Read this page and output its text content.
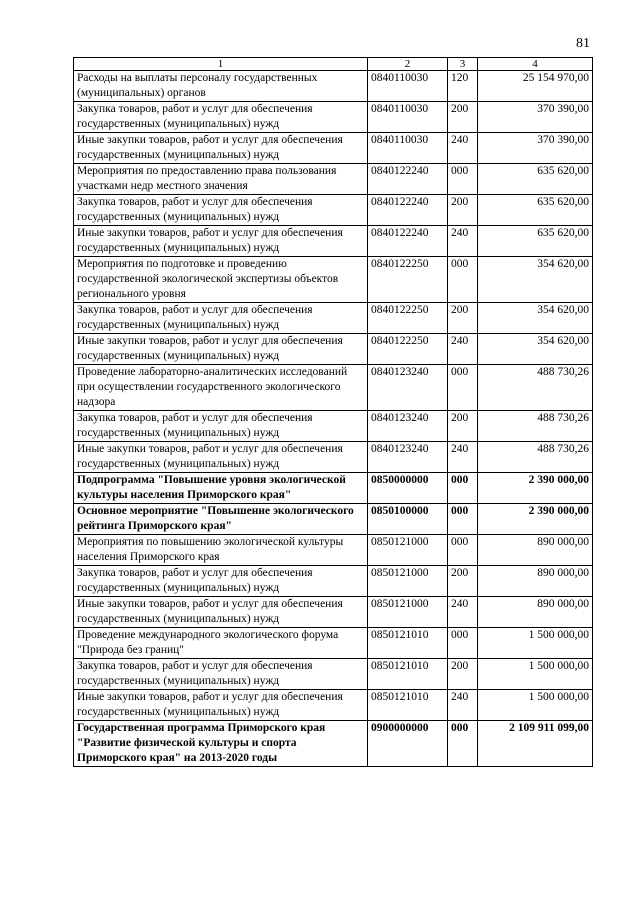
81
1	2	3	4
Расходы на выплаты персоналу государственных (муниципальных) органов	0840110030	120	25 154 970,00
Закупка товаров, работ и услуг для обеспечения государственных (муниципальных) нужд	0840110030	200	370 390,00
Иные закупки товаров, работ и услуг для обеспечения государственных (муниципальных) нужд	0840110030	240	370 390,00
Мероприятия по предоставлению права пользования участками недр местного значения	0840122240	000	635 620,00
Закупка товаров, работ и услуг для обеспечения государственных (муниципальных) нужд	0840122240	200	635 620,00
Иные закупки товаров, работ и услуг для обеспечения государственных (муниципальных) нужд	0840122240	240	635 620,00
Мероприятия по подготовке и проведению государственной экологической экспертизы объектов регионального уровня	0840122250	000	354 620,00
Закупка товаров, работ и услуг для обеспечения государственных (муниципальных) нужд	0840122250	200	354 620,00
Иные закупки товаров, работ и услуг для обеспечения государственных (муниципальных) нужд	0840122250	240	354 620,00
Проведение лабораторно-аналитических исследований при осуществлении государственного экологического надзора	0840123240	000	488 730,26
Закупка товаров, работ и услуг для обеспечения государственных (муниципальных) нужд	0840123240	200	488 730,26
Иные закупки товаров, работ и услуг для обеспечения государственных (муниципальных) нужд	0840123240	240	488 730,26
Подпрограмма "Повышение уровня экологической культуры населения Приморского края"	0850000000	000	2 390 000,00
Основное мероприятие "Повышение экологического рейтинга Приморского края"	0850100000	000	2 390 000,00
Мероприятия по повышению экологической культуры населения Приморского края	0850121000	000	890 000,00
Закупка товаров, работ и услуг для обеспечения государственных (муниципальных) нужд	0850121000	200	890 000,00
Иные закупки товаров, работ и услуг для обеспечения государственных (муниципальных) нужд	0850121000	240	890 000,00
Проведение международного экологического форума "Природа без границ"	0850121010	000	1 500 000,00
Закупка товаров, работ и услуг для обеспечения государственных (муниципальных) нужд	0850121010	200	1 500 000,00
Иные закупки товаров, работ и услуг для обеспечения государственных (муниципальных) нужд	0850121010	240	1 500 000,00
Государственная программа Приморского края "Развитие физической культуры и спорта Приморского края" на 2013-2020 годы	0900000000	000	2 109 911 099,00
